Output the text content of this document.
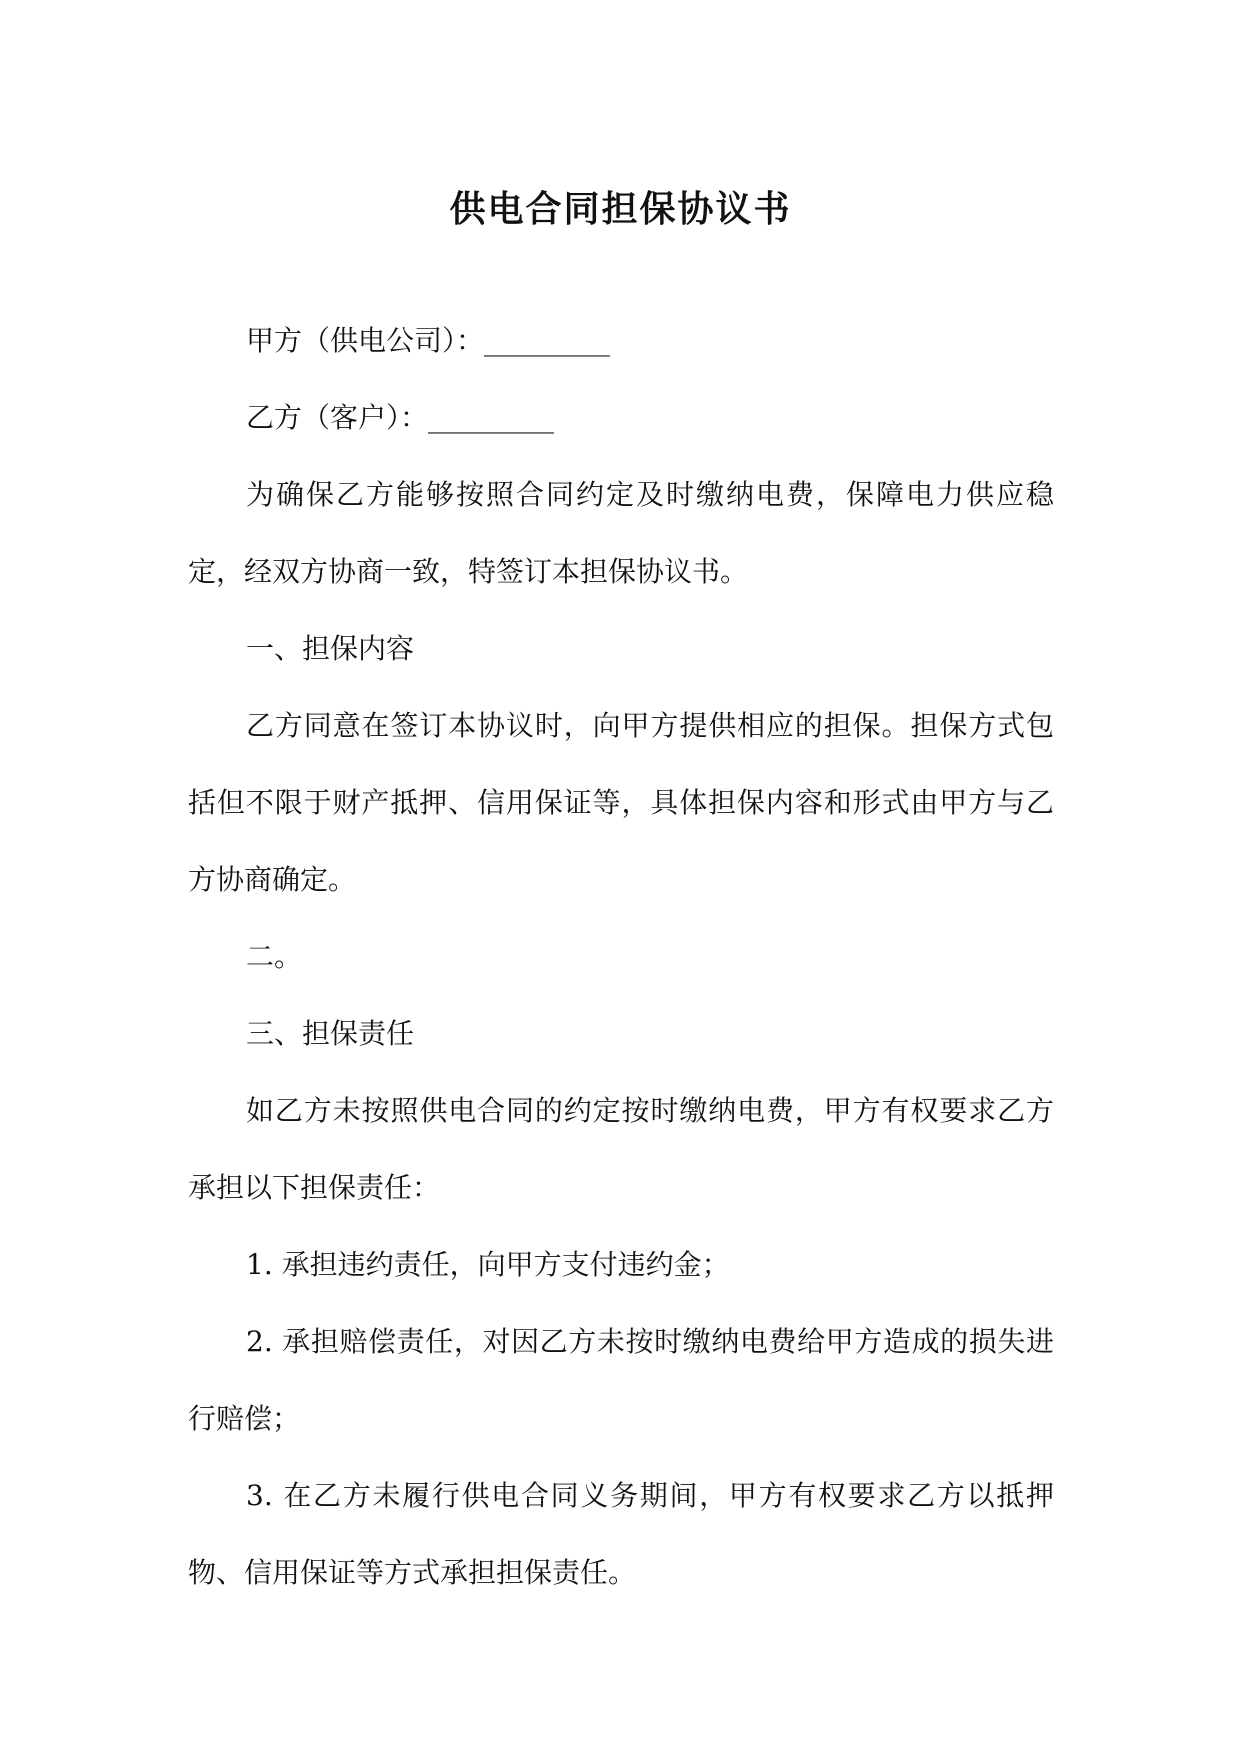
供电合同担保协议书

甲方（供电公司）：_________

乙方（客户）：_________

为确保乙方能够按照合同约定及时缴纳电费，保障电力供应稳定，经双方协商一致，特签订本担保协议书。

一、担保内容

乙方同意在签订本协议时，向甲方提供相应的担保。担保方式包括但不限于财产抵押、信用保证等，具体担保内容和形式由甲方与乙方协商确定。

二。

三、担保责任

如乙方未按照供电合同的约定按时缴纳电费，甲方有权要求乙方承担以下担保责任：

1. 承担违约责任，向甲方支付违约金；

2. 承担赔偿责任，对因乙方未按时缴纳电费给甲方造成的损失进行赔偿；

3. 在乙方未履行供电合同义务期间，甲方有权要求乙方以抵押物、信用保证等方式承担担保责任。
